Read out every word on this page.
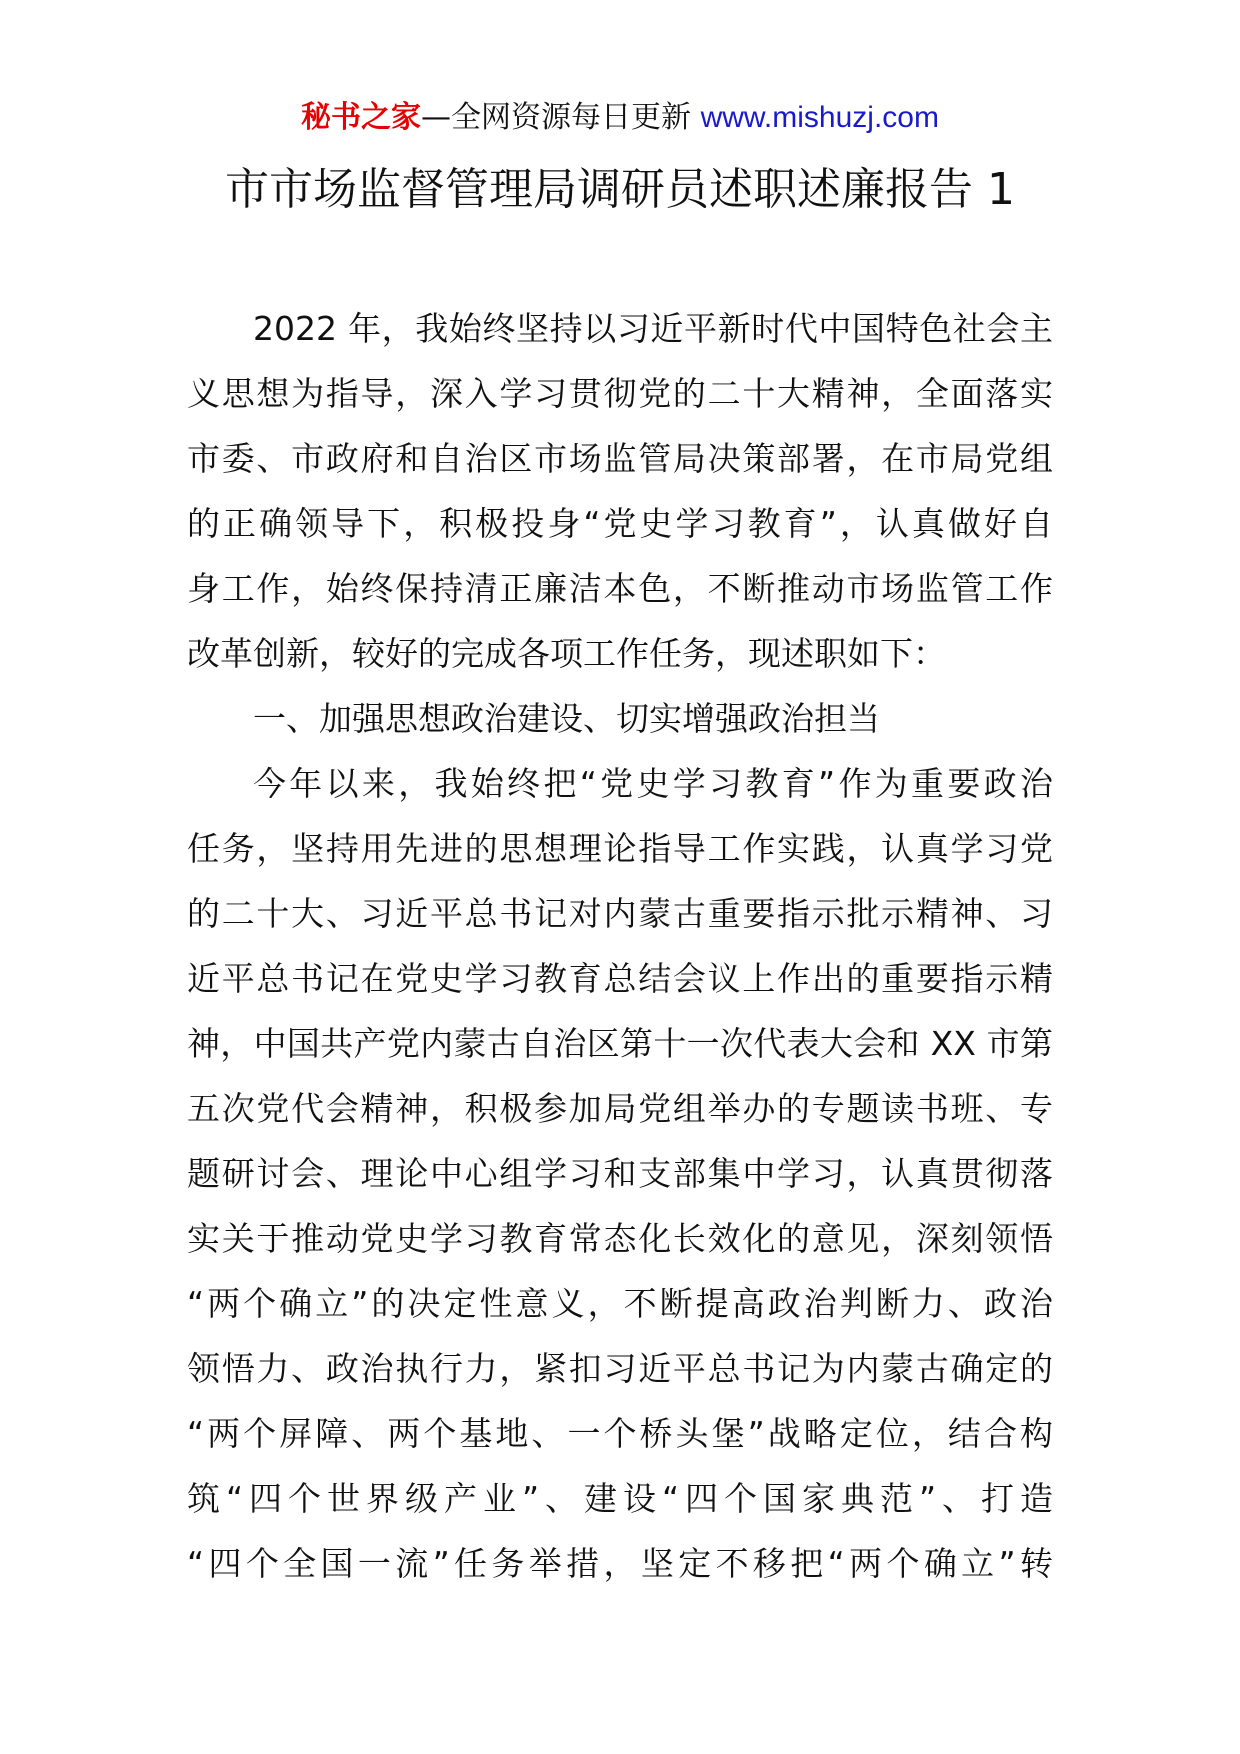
秘书之家—全网资源每日更新 www.mishuzj.com
市市场监督管理局调研员述职述廉报告 1
2022 年，我始终坚持以习近平新时代中国特色社会主
义思想为指导，深入学习贯彻党的二十大精神，全面落实
市委、市政府和自治区市场监管局决策部署，在市局党组
的正确领导下，积极投身“党史学习教育”，认真做好自
身工作，始终保持清正廉洁本色，不断推动市场监管工作
改革创新，较好的完成各项工作任务，现述职如下：
一、加强思想政治建设、切实增强政治担当
今年以来，我始终把“党史学习教育”作为重要政治
任务，坚持用先进的思想理论指导工作实践，认真学习党
的二十大、习近平总书记对内蒙古重要指示批示精神、习
近平总书记在党史学习教育总结会议上作出的重要指示精
神，中国共产党内蒙古自治区第十一次代表大会和 XX 市第
五次党代会精神，积极参加局党组举办的专题读书班、专
题研讨会、理论中心组学习和支部集中学习，认真贯彻落
实关于推动党史学习教育常态化长效化的意见，深刻领悟
“两个确立”的决定性意义，不断提高政治判断力、政治
领悟力、政治执行力，紧扣习近平总书记为内蒙古确定的
“两个屏障、两个基地、一个桥头堡”战略定位，结合构
筑“四个世界级产业”、建设“四个国家典范”、打造
“四个全国一流”任务举措，坚定不移把“两个确立”转
